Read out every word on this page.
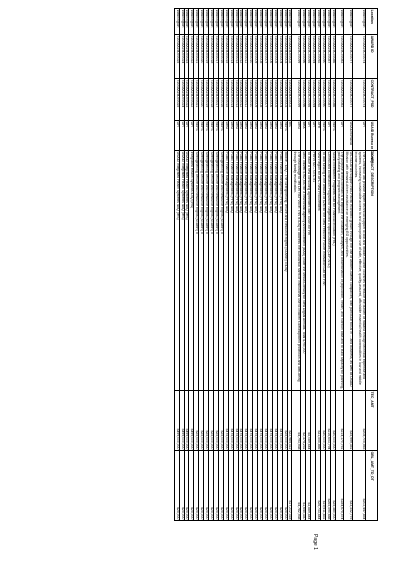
Location	AWARD ID	CONTRACT_PSD	USAID Bureau or Country	CONTRACT_DESCRIPTION	TEC_AMT	OBL_AMT_TD_DT
Washington	7200AA19C00074	7200AA19C00074	GH	The Contractor will provide expert technical support to low and middle-income countries to reduce the burden of malaria through technical expertise and systems, increasing sustainable access to and appropriate use of safe, effective, quality-assured, affordable essential health commodities in low and middle income countries.	$208,705,563	$202,447,854
Washington	7200AA19C00077	7200AA19C00077	USAID/GHANA	US-SCUA will support Indo-Pacific economic growth through the use of women-owned companies, with particular focus in ... and business, as well as USAID Mission with demand-driven assistance on emerging EG opportunities.	$35,999,351	$33,332,775
Washington	7200AA19C00083	7200AA19C00083	GH	The purpose of this contract is to improve the utilization, analysis, and dissemination of population, health, and nutrition data and to build capacity for planning, policy-making and program management.	$214,170,751	$184,675,574
Washington	7200AA19C00086	7200AA19C00086	REFS	Sound Investment Programs: Lab for Financial Inclusion (FRL)	$30,000,000	$25,380,000
Washington	7200AA19C00087	7200AA19C00087	GH	Control and Elimination Program for Neglected Tropical Diseases (CEP-NTD)	$216,653,794	$265,595,688
Washington	7200AA19C00090	7200AA19C00090	REFS	To add funding in the amount of $2M for the New Feed the Future Innovation Lab for Fish	$30,000,000	$19,911,831
Washington	7200AA19C00092	7200AA19C00092	AFR	New Region for AFC New Procurement	$31,555,866	$26,733,844
Washington	7200AA19C00094	7200AA19C00094	GH	PRH/TSU – GTC #1		
Washington	7200AA19C00095	7200AA19C00095	GH	To issue a new consulting agreement with Tusch for HR	$5,089,644	$3,889,844
Washington	7200AA19C00096	7200AA19C00096	BHA	DRD utilized $762,650 for a new Broad Agency Announcement (BAA) under the Media Literacy for New Digital Arrivals. Total $790,000	$2,374,231	$1,645,330
Washington	7200AA19C00099	7200AA19C00099	DRG	The new Bridge to Tell Let Your Voice: This is IDIQ to address the substantial harm of institutional use to children's development protection and well-being through family reunification.	$4,793,938	$4,782,938
Washington	7200AA19D00002	7200AA19D00002	MS		$22,984,312	$17,212,318
Washington	7200AA19D00003	7200AA19D00003	REFS	Mobile - IDIQ - The Strengthening Tenure and Resource Rights (STARR) II IDIQ	$25,000,000	$25,000
Washington	7200AA19D00004	7200AA19D00004	DRG	Public Finance Management (PFM) IDIQ	$475,000,000	$25,000
Washington	7200AA19D00005	7200AA19D00005	DRG	Public Finance Management (PFM) IDIQ	$475,000,000	$25,000
Washington	7200AA19D00006	7200AA19D00006	DRG	Public Finance Management (PFM) IDIQ	$475,000,000	$25,000
Washington	7200AA19D00007	7200AA19D00007	DRG	Public Finance Management (PFM) IDIQ	$475,000,000	$25,000
Washington	7200AA19D00008	7200AA19D00008	DRG	Public Finance Management (PFM) IDIQ	$475,000,000	$25,000
Washington	7200AA19D00009	7200AA19D00009	DRG	Public Finance Management (PFM) IDIQ	$475,000,000	$25,000
Washington	7200AA19D00010	7200AA19D00010	DRG	Public Finance Management (PFM) IDIQ	$475,000,000	$25,000
Washington	7200AA19D00011	7200AA19D00011	DRG	Public Finance Management (PFM) IDIQ	$475,000,000	$25,000
Washington	7200AA19D00012	7200AA19D00012	DRG	Public Finance Management (PFM) IDIQ	$475,000,000	$25,000
Washington	7200AA19D00013	7200AA19D00013	DRG	Public Finance Management (PFM) IDIQ	$475,000,000	$25,000
Washington	7200AA19D00014	7200AA19D00014	DRG	Public Finance Management (PFM) IDIQ	$475,000,000	$25,000
Washington	7200AA19D00015	7200AA19D00015	DRG	Public Finance Management (PFM) IDIQ	$475,000,000	$25,000
Washington	7200AA19D00016	7200AA19D00016	REFS	Strengthening Tenure and Resource Rights (STARR) II	$25,000,000	$25,000
Washington	7200AA19D00017	7200AA19D00017	REFS	Strengthening Tenure and Resource Rights (STARR) II	$25,000,000	$25,000
Washington	7200AA19D00018	7200AA19D00018	REFS	Strengthening Tenure and Resource Rights (STARR) II	$25,000,000	$25,000
Washington	7200AA19D00019	7200AA19D00019	REFS	Strengthening Tenure and Resource Rights (STARR) II	$25,000,000	$25,000
Washington	7200AA19D00020	7200AA19D00020	REFS	Strengthening Tenure and Resource Rights (STARR) II	$25,000,000	$25,000
Washington	7200AA19D00021	7200AA19D00021	REFS	Strengthening Tenure and Resource Rights (STARR) II	$25,000,000	$25,000
Washington	7200AA19D00022	7200AA19D00022	GH	Integrated Health Systems IDIQ (IHS)	$499,000,000	$25,000
Washington	7200AA19D00023	7200AA19D00023	GH	USAID Integrated Health Systems IDIQ (IHS)	$499,000,000	$25,000
Washington	7200AA19D00024	7200AA19D00024	GH	USAID Integrated Health Systems IDIQ (IHS)	$499,000,000	$25,000
Washington	7200AA19D00025	7200AA19D00025	GH	USAID Integrated Health Systems IDIQ (IHS)	$499,000,000	$25,000
Page 1
